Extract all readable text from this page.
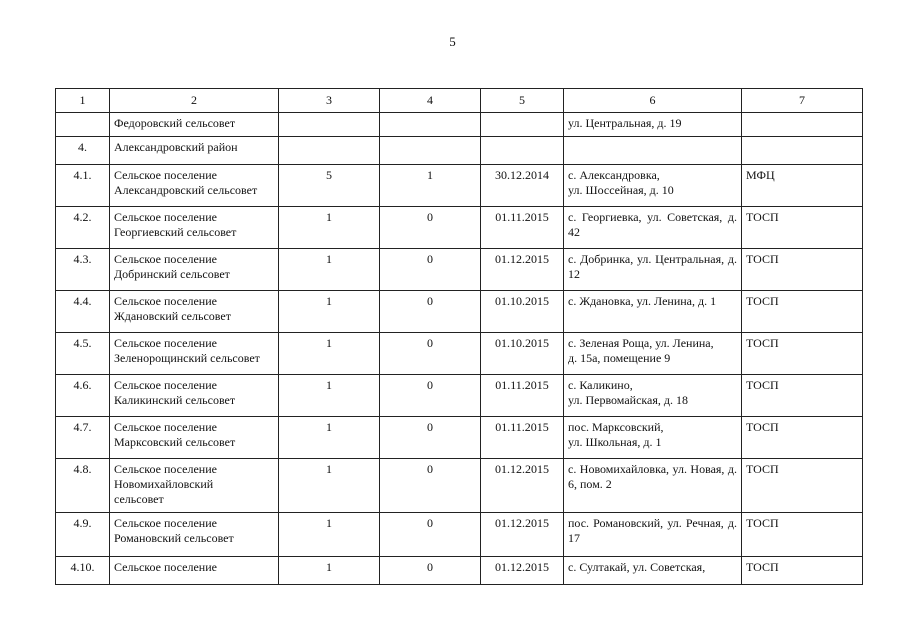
5
1	2	3	4	5	6	7
	Федоровский сельсовет				ул. Центральная, д. 19	
4.	Александровский район					
4.1.	Сельское поселение
Александровский сельсовет	5	1	30.12.2014	с. Александровка,
ул. Шоссейная, д. 10	МФЦ
4.2.	Сельское поселение
Георгиевский сельсовет	1	0	01.11.2015	с. Георгиевка, ул. Советская, д. 42	ТОСП
4.3.	Сельское поселение
Добринский сельсовет	1	0	01.12.2015	с. Добринка, ул. Центральная, д. 12	ТОСП
4.4.	Сельское поселение
Ждановский сельсовет	1	0	01.10.2015	с. Ждановка, ул. Ленина, д. 1	ТОСП
4.5.	Сельское поселение
Зеленорощинский сельсовет	1	0	01.10.2015	с. Зеленая Роща, ул. Ленина,
д. 15а, помещение 9	ТОСП
4.6.	Сельское поселение
Каликинский сельсовет	1	0	01.11.2015	с. Каликино,
ул. Первомайская, д. 18	ТОСП
4.7.	Сельское поселение
Марксовский сельсовет	1	0	01.11.2015	пос. Марксовский,
ул. Школьная, д. 1	ТОСП
4.8.	Сельское поселение
Новомихайловский
сельсовет	1	0	01.12.2015	с. Новомихайловка, ул. Новая, д. 6, пом. 2	ТОСП
4.9.	Сельское поселение
Романовский сельсовет	1	0	01.12.2015	пос. Романовский, ул. Речная, д. 17	ТОСП
4.10.	Сельское поселение	1	0	01.12.2015	с. Султакай, ул. Советская,	ТОСП
